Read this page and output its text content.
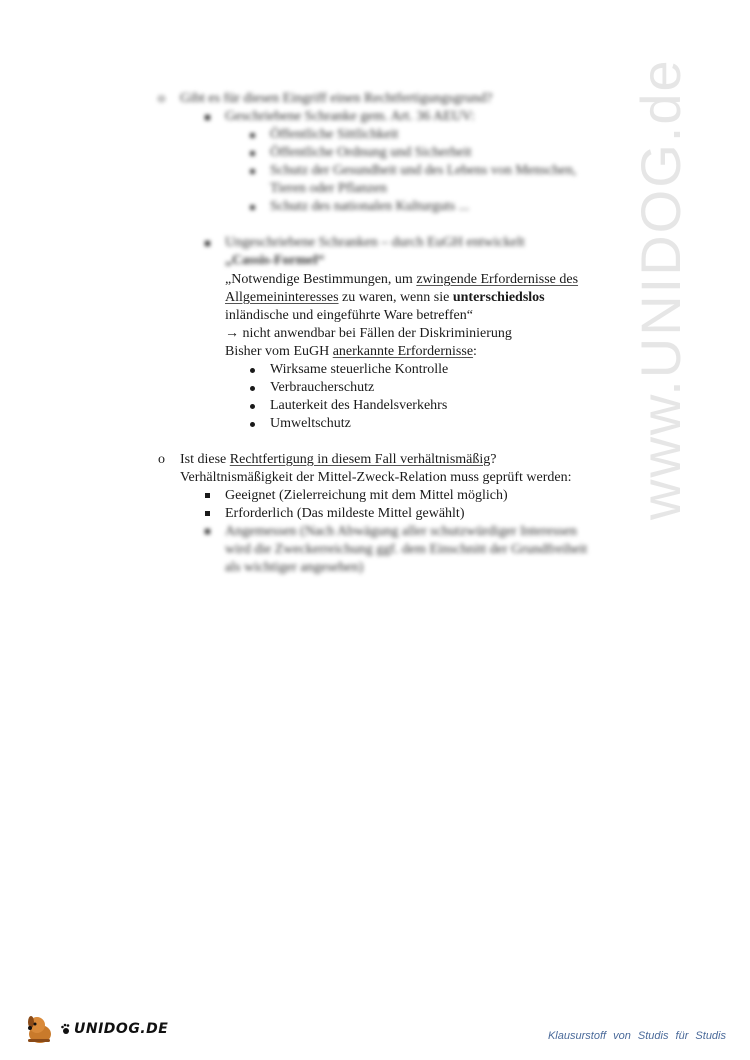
www.UNIDOG.de
o Gibt es für diesen Eingriff einen Rechtfertigungsgrund?
Geschriebene Schranke gem. Art. 36 AEUV:
Öffentliche Sittlichkeit
Öffentliche Ordnung und Sicherheit
Schutz der Gesundheit und des Lebens von Menschen,
Tieren oder Pflanzen
Schutz des nationalen Kulturguts ...
Ungeschriebene Schranken – durch EuGH entwickelt
„Cassis-Formel“
„Notwendige Bestimmungen, um zwingende Erfordernisse des
Allgemeininteresses zu waren, wenn sie unterschiedslos
inländische und eingeführte Ware betreffen“
→ nicht anwendbar bei Fällen der Diskriminierung
Bisher vom EuGH anerkannte Erfordernisse:
Wirksame steuerliche Kontrolle
Verbraucherschutz
Lauterkeit des Handelsverkehrs
Umweltschutz
o Ist diese Rechtfertigung in diesem Fall verhältnismäßig?
Verhältnismäßigkeit der Mittel-Zweck-Relation muss geprüft werden:
Geeignet (Zielerreichung mit dem Mittel möglich)
Erforderlich (Das mildeste Mittel gewählt)
Angemessen (Nach Abwägung aller schutzwürdiger Interessen
wird die Zweckerreichung ggf. dem Einschnitt der Grundfreiheit
als wichtiger angesehen)
UNIDOG.DE	Klausurstoff von Studis für Studis
